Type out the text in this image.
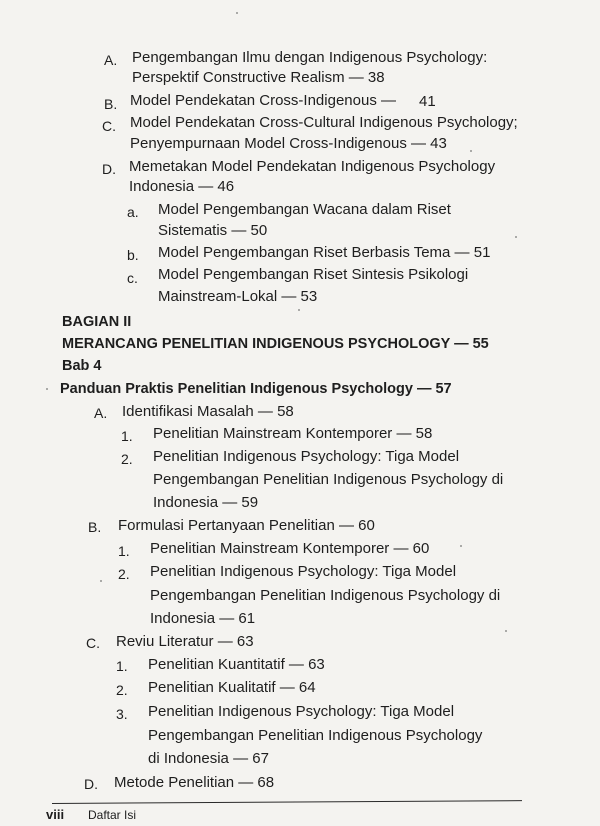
A. Pengembangan Ilmu dengan Indigenous Psychology:
Perspektif Constructive Realism — 38
B. Model Pendekatan Cross-Indigenous — 41
C. Model Pendekatan Cross-Cultural Indigenous Psychology;
Penyempurnaan Model Cross-Indigenous — 43
D. Memetakan Model Pendekatan Indigenous Psychology
Indonesia — 46
a. Model Pengembangan Wacana dalam Riset
Sistematis — 50
b. Model Pengembangan Riset Berbasis Tema — 51
c. Model Pengembangan Riset Sintesis Psikologi
Mainstream-Lokal — 53
BAGIAN II
MERANCANG PENELITIAN INDIGENOUS PSYCHOLOGY — 55
Bab 4
Panduan Praktis Penelitian Indigenous Psychology — 57
A. Identifikasi Masalah — 58
1. Penelitian Mainstream Kontemporer — 58
2. Penelitian Indigenous Psychology: Tiga Model
Pengembangan Penelitian Indigenous Psychology di
Indonesia — 59
B. Formulasi Pertanyaan Penelitian — 60
1. Penelitian Mainstream Kontemporer — 60
2. Penelitian Indigenous Psychology: Tiga Model
Pengembangan Penelitian Indigenous Psychology di
Indonesia — 61
C. Reviu Literatur — 63
1. Penelitian Kuantitatif — 63
2. Penelitian Kualitatif — 64
3. Penelitian Indigenous Psychology: Tiga Model
Pengembangan Penelitian Indigenous Psychology
di Indonesia — 67
D. Metode Penelitian — 68
viii Daftar Isi
